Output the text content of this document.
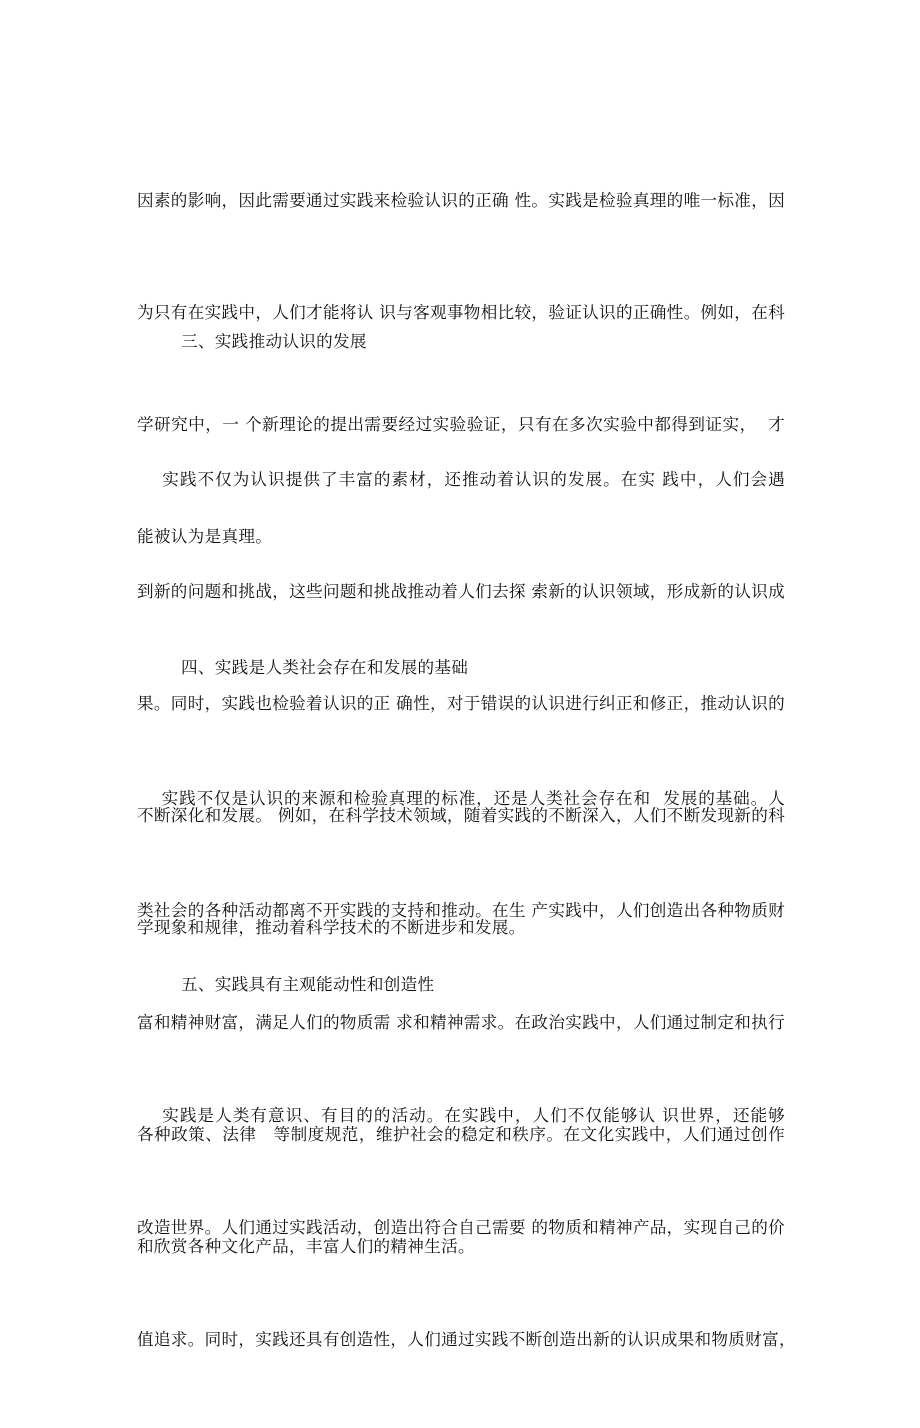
因素的影响，因此需要通过实践来检验认识的正确 性。实践是检验真理的唯一标准，因

为只有在实践中，人们才能将认 识与客观事物相比较，验证认识的正确性。例如，在科

学研究中，一 个新理论的提出需要经过实验验证，只有在多次实验中都得到证实，  才

能被认为是真理。

三、实践推动认识的发展

实践不仅为认识提供了丰富的素材，还推动着认识的发展。在实 践中，人们会遇

到新的问题和挑战，这些问题和挑战推动着人们去探 索新的认识领域，形成新的认识成

果。同时，实践也检验着认识的正 确性，对于错误的认识进行纠正和修正，推动认识的

不断深化和发展。 例如，在科学技术领域，随着实践的不断深入，人们不断发现新的科

学现象和规律，推动着科学技术的不断进步和发展。

四、实践是人类社会存在和发展的基础

实践不仅是认识的来源和检验真理的标准，还是人类社会存在和  发展的基础。人

类社会的各种活动都离不开实践的支持和推动。在生 产实践中，人们创造出各种物质财

富和精神财富，满足人们的物质需 求和精神需求。在政治实践中，人们通过制定和执行

各种政策、法律   等制度规范，维护社会的稳定和秩序。在文化实践中，人们通过创作

和欣赏各种文化产品，丰富人们的精神生活。

五、实践具有主观能动性和创造性

实践是人类有意识、有目的的活动。在实践中，人们不仅能够认 识世界，还能够

改造世界。人们通过实践活动，创造出符合自己需要 的物质和精神产品，实现自己的价

值追求。同时，实践还具有创造性，人们通过实践不断创造出新的认识成果和物质财富，
